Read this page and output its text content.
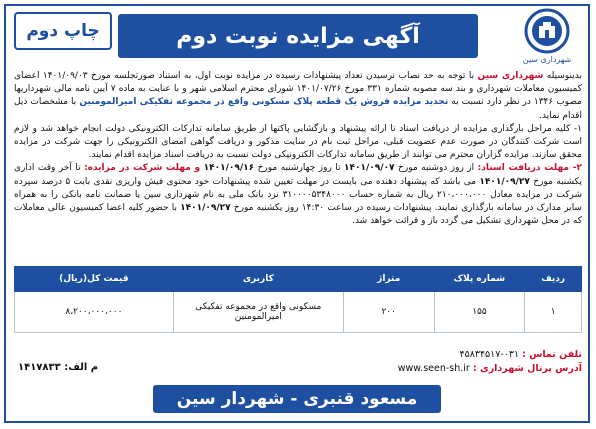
چاپ دوم	آگهی مزایده نوبت دوم
شهرداری سین

بدینوسیله شهرداری سین با توجه به حد نصاب نرسیدن تعداد پیشنهادات رسیده در مزایده نوبت اول، به استناد صورتجلسه مورخ ۱۴۰۱/۰۹/۰۳ اعضای کمیسیون معاملات شهرداری و بند سه مصوبه شماره ۳۳۱ مورخ ۱۴۰۱/۰۷/۲۶ شورای محترم اسلامی شهر و با عنایت به ماده ۷ آیین نامه مالی شهرداریها مصوب ۱۳۴۶ در نظر دارد نسبت به تجدید مزایده فروش یک قطعه پلاک مسکونی واقع در مجموعه تفکیکی امیرالمومنین با مشخصات ذیل اقدام نماید.

۱- کلیه مراحل بارگذاری مزایده از دریافت اسناد تا ارائه پیشنهاد و بازگشایی پاکتها از طریق سامانه تدارکات الکترونیکی دولت انجام خواهد شد و لازم است شرکت کنندگان در صورت عدم عضویت قبلی، مراحل ثبت نام در سایت مذکور و دریافت گواهی امضای الکترونیکی را جهت شرکت در مزایده محقق سازند. مزایده گزاران محترم می توانند از طریق سامانه تدارکات الکترونیکی دولت نسبت به دریافت اسناد مزایده اقدام نمایند.

۲- مهلت دریافت اسناد: از روز دوشنبه مورخ ۱۴۰۱/۰۹/۰۷ تا روز چهارشنبه مورخ ۱۴۰۱/۰۹/۱۶ و مهلت شرکت در مزایده: تا آخر وقت اداری یکشنبه مورخ ۱۴۰۱/۰۹/۲۷ می باشد که پیشنهاد دهنده می بایست در مهلت تعیین شده پیشنهادات خود محتوی فیش واریزی نقدی بابت ۵ درصد سپرده شرکت در مزایده معادل ۲۱۰،۰۰۰،۰۰۰ ریال به شماره حساب ۳۱۰۰۰۰۵۳۴۸۰۰۰ نزد بانک ملی به نام شهرداری سین یا ضمانت نامه بانکی را به همراه سایر مدارک در سامانه بارگذاری نمایند. پیشنهادات رسیده در ساعت ۱۴:۳۰ روز یکشنبه مورخ ۱۴۰۱/۰۹/۲۷ با حضور کلیه اعضا کمیسیون عالی معاملات که در محل شهرداری تشکیل می گردد باز و قرائت خواهد شد.

ردیف	شماره پلاک	متراژ	کاربری	قیمت کل(ریال)
۱	۱۵۵	۲۰۰	مسکونی واقع در مجموعه تفکیکی امیرالمومنین	۸،۲۰۰،۰۰۰،۰۰۰
تلفن تماس : ۰۳۱-۴۵۸۳۴۵۱۷
آدرس پرتال شهرداری : www.seen-sh.ir
م الف: ۱۴۱۷۸۳۳
مسعود قنبری - شهردار سین
